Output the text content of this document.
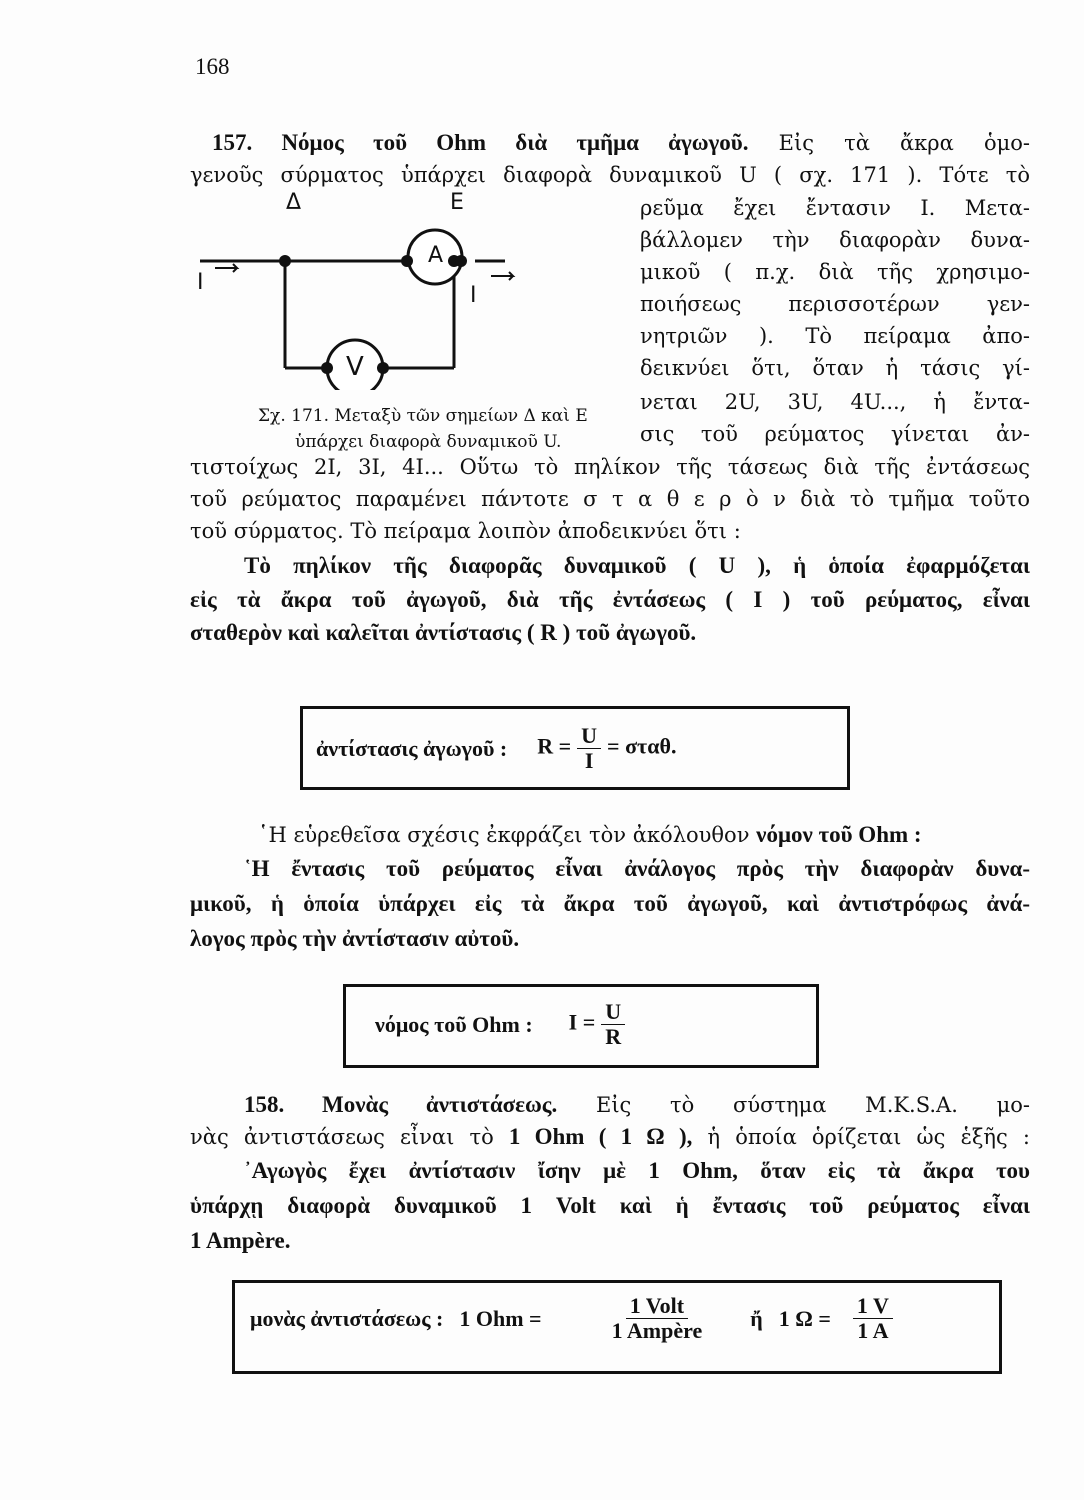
168
157. Νόμος τοῦ Ohm διὰ τμῆμα ἀγωγοῦ. Εἰς τὰ ἄκρα ὁμο-
γενοῦς σύρματος ὑπάρχει διαφορὰ δυναμικοῦ U ( σχ. 171 ). Τότε τὸ
Δ	E
A
V
I
I
Σχ. 171. Μεταξὺ τῶν σημείων Δ καὶ E
ὑπάρχει διαφορὰ δυναμικοῦ U.
ρεῦμα ἔχει ἔντασιν I. Μετα-
βάλλομεν τὴν διαφορὰν δυνα-
μικοῦ ( π.χ. διὰ τῆς χρησιμο-
ποιήσεως περισσοτέρων γεν-
νητριῶν ). Τὸ πείραμα ἀπο-
δεικνύει ὅτι, ὅταν ἡ τάσις γί-
νεται 2U, 3U, 4U..., ἡ ἔντα-
σις τοῦ ρεύματος γίνεται ἀν-
τιστοίχως 2I, 3I, 4I... Οὕτω τὸ πηλίκον τῆς τάσεως διὰ τῆς ἐντάσεως
τοῦ ρεύματος παραμένει πάντοτε σ τ α θ ε ρ ὸ ν διὰ τὸ τμῆμα τοῦτο
τοῦ σύρματος. Τὸ πείραμα λοιπὸν ἀποδεικνύει ὅτι :
Τὸ πηλίκον τῆς διαφορᾶς δυναμικοῦ ( U ), ἡ ὁποία ἐφαρμόζεται
εἰς τὰ ἄκρα τοῦ ἀγωγοῦ, διὰ τῆς ἐντάσεως ( I ) τοῦ ρεύματος, εἶναι
σταθερὸν καὶ καλεῖται ἀντίστασις ( R ) τοῦ ἀγωγοῦ.
ἀντίστασις ἀγωγοῦ : $R = \frac{U}{I} = \sigma\tau\alpha\theta$.
῾Η εὑρεθεῖσα σχέσις ἐκφράζει τὸν ἀκόλουθον νόμον τοῦ Ohm :
῾Η ἔντασις τοῦ ρεύματος εἶναι ἀνάλογος πρὸς τὴν διαφορὰν δυνα-
μικοῦ, ἡ ὁποία ὑπάρχει εἰς τὰ ἄκρα τοῦ ἀγωγοῦ, καὶ ἀντιστρόφως ἀνά-
λογος πρὸς τὴν ἀντίστασιν αὐτοῦ.
νόμος τοῦ Ohm : $I = \frac{U}{R}$
158. Μονὰς ἀντιστάσεως. Εἰς τὸ σύστημα M.K.S.A. μο-
νὰς ἀντιστάσεως εἶναι τὸ 1 Ohm ( 1 Ω ), ἡ ὁποία ὁρίζεται ὡς ἑξῆς :
᾿Αγωγὸς ἔχει ἀντίστασιν ἴσην μὲ 1 Ohm, ὅταν εἰς τὰ ἄκρα του
ὑπάρχῃ διαφορὰ δυναμικοῦ 1 Volt καὶ ἡ ἔντασις τοῦ ρεύματος εἶναι
1 Ampère.
μονὰς ἀντιστάσεως : 1 Ohm =	$\frac{\text{1 Volt}}{\text{1 Ampère}}$ ἤ 1 $\Omega = \frac{1 V}{1 A}$
